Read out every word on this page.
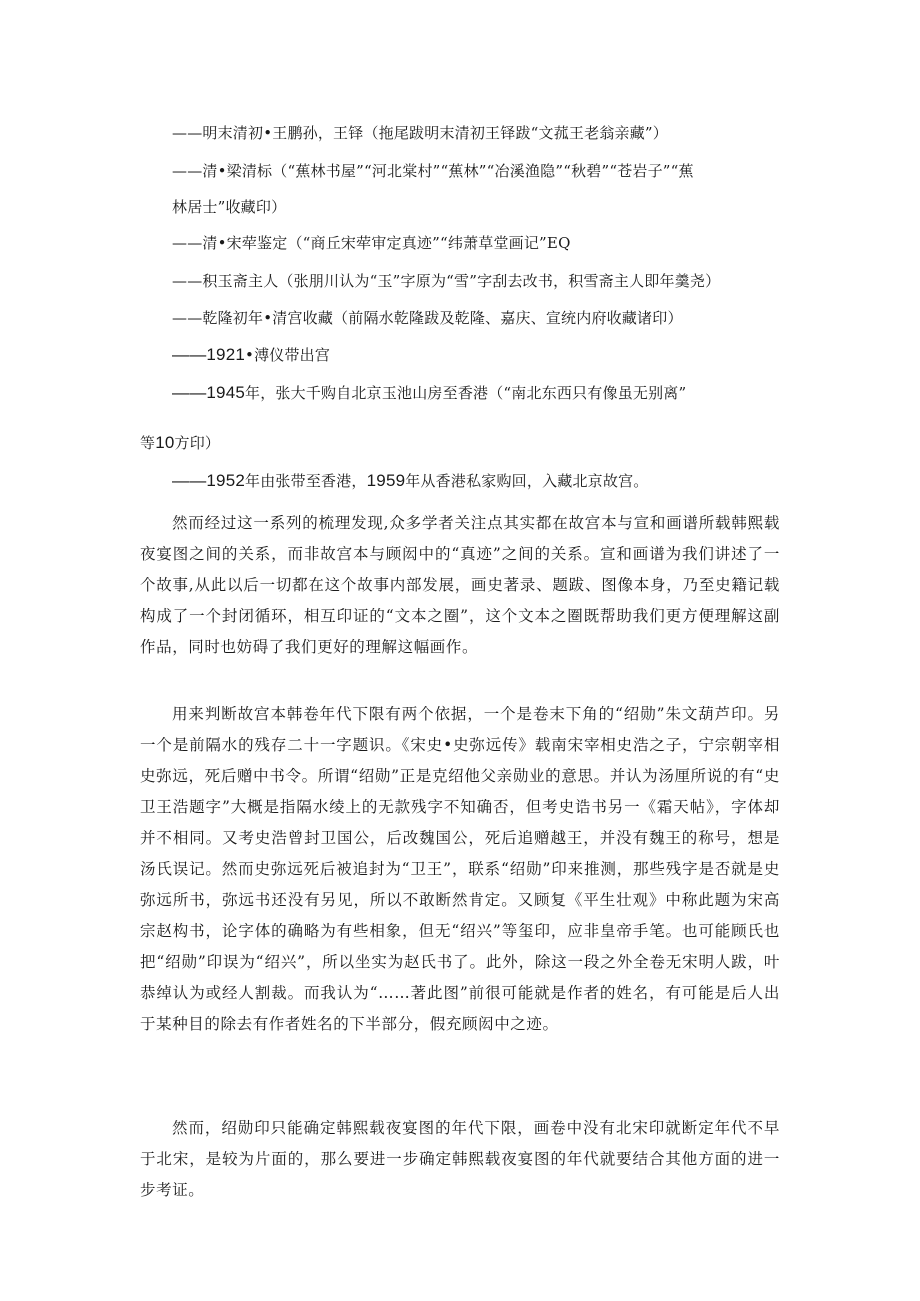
——明末清初•王鹏孙，王铎（拖尾跋明末清初王铎跋“文菰王老翁亲藏”）
——清•梁清标（“蕉林书屋”“河北棠村”“蕉林”“冶溪渔隐”“秋碧”“苍岩子”“蕉
林居士”收藏印）
——清•宋荦鉴定（“商丘宋荦审定真迹”“纬萧草堂画记”EQ
——积玉斋主人（张朋川认为“玉”字原为“雪”字刮去改书，积雪斋主人即年羹尧）
——乾隆初年•清宫收藏（前隔水乾隆跋及乾隆、嘉庆、宣统内府收藏诸印）
——1921•溥仪带出宫
——1945年，张大千购自北京玉池山房至香港（“南北东西只有像虽无别离”
等10方印）
——1952年由张带至香港，1959年从香港私家购回，入藏北京故宫。

然而经过这一系列的梳理发现,众多学者关注点其实都在故宫本与宣和画谱所载韩熙载夜宴图之间的关系，而非故宫本与顾闳中的“真迹”之间的关系。宣和画谱为我们讲述了一个故事,从此以后一切都在这个故事内部发展，画史著录、题跋、图像本身，乃至史籍记载构成了一个封闭循环，相互印证的“文本之圈”，这个文本之圈既帮助我们更方便理解这副作品，同时也妨碍了我们更好的理解这幅画作。

用来判断故宫本韩卷年代下限有两个依据，一个是卷末下角的“绍勋”朱文葫芦印。另一个是前隔水的残存二十一字题识。《宋史•史弥远传》载南宋宰相史浩之子，宁宗朝宰相史弥远，死后赠中书令。所谓“绍勋”正是克绍他父亲勋业的意思。并认为汤厘所说的有“史卫王浩题字”大概是指隔水绫上的无款残字不知确否，但考史诰书另一《霜天帖》，字体却并不相同。又考史浩曾封卫国公，后改魏国公，死后追赠越王，并没有魏王的称号，想是汤氏误记。然而史弥远死后被追封为“卫王”，联系“绍勋”印来推测，那些残字是否就是史弥远所书，弥远书还没有另见，所以不敢断然肯定。又顾复《平生壮观》中称此题为宋高宗赵构书，论字体的确略为有些相象，但无“绍兴”等玺印，应非皇帝手笔。也可能顾氏也把“绍勋”印误为“绍兴”，所以坐实为赵氏书了。此外，除这一段之外全卷无宋明人跋，叶恭绰认为或经人割裁。而我认为“……著此图”前很可能就是作者的姓名，有可能是后人出于某种目的除去有作者姓名的下半部分，假充顾闳中之迹。

然而，绍勋印只能确定韩熙载夜宴图的年代下限，画卷中没有北宋印就断定年代不早于北宋，是较为片面的，那么要进一步确定韩熙载夜宴图的年代就要结合其他方面的进一步考证。
